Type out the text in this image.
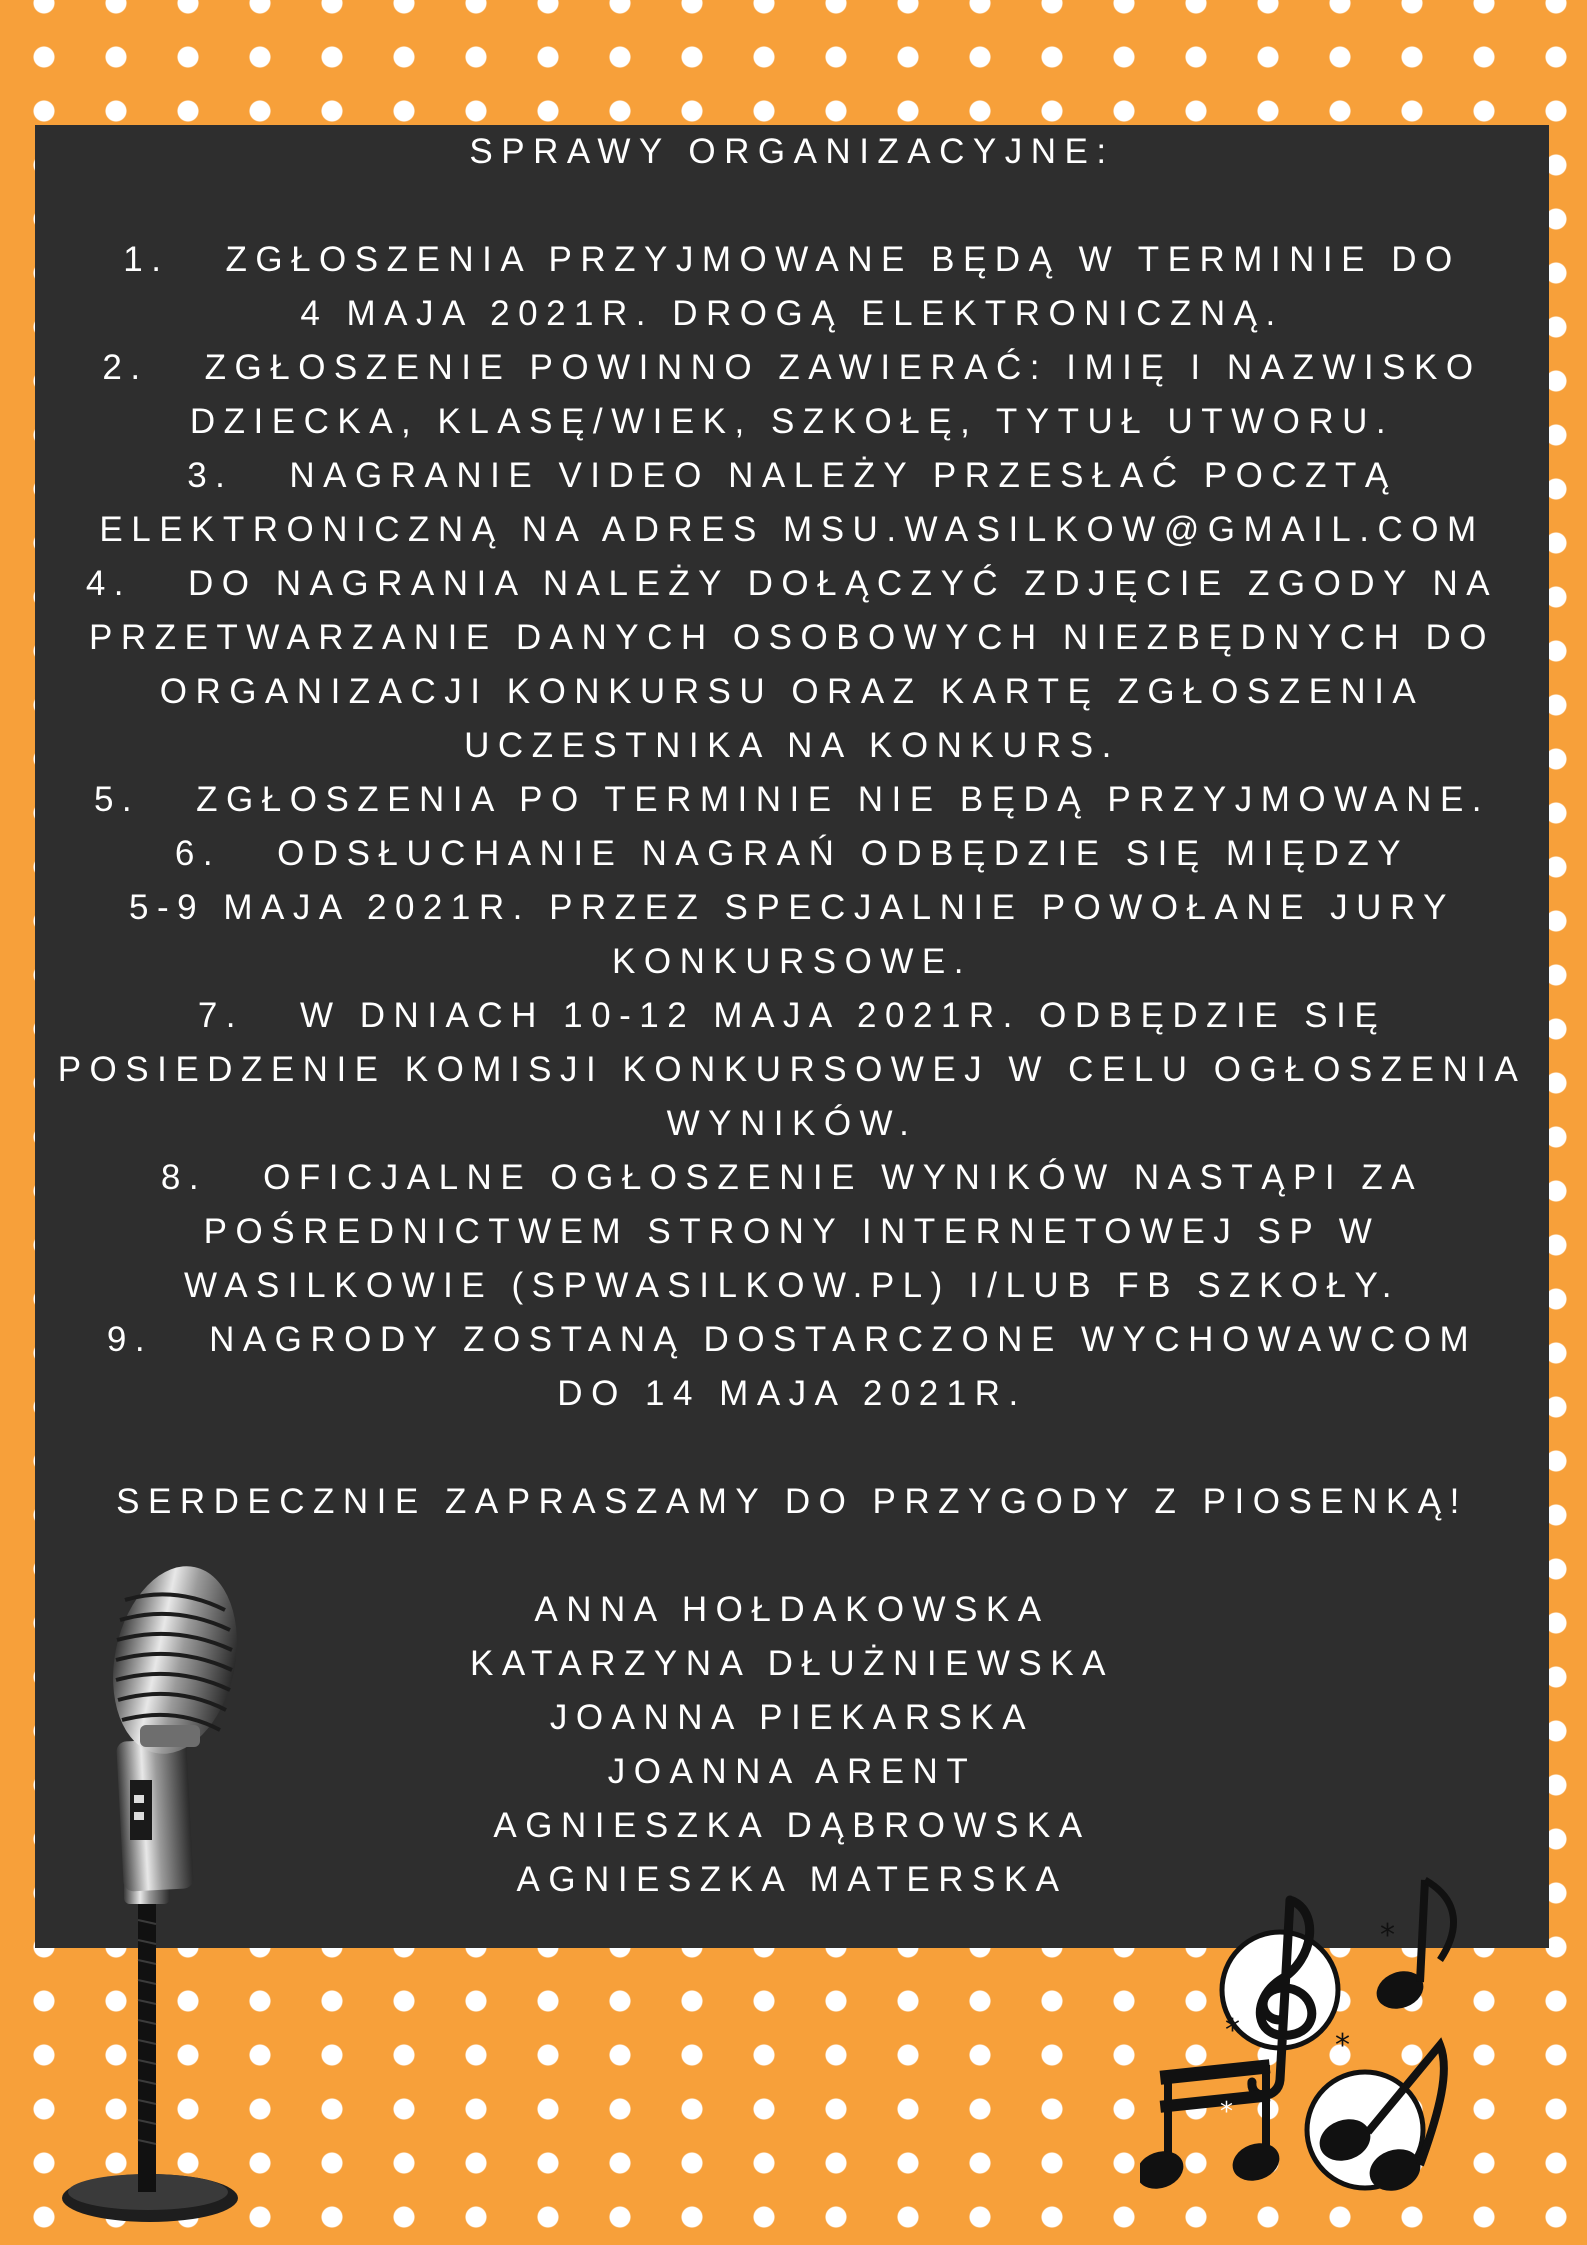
SPRAWY ORGANIZACYJNE:
1. ZGŁOSZENIA PRZYJMOWANE BĘDĄ W TERMINIE DO
4 MAJA 2021R. DROGĄ ELEKTRONICZNĄ.
2. ZGŁOSZENIE POWINNO ZAWIERAĆ: IMIĘ I NAZWISKO
DZIECKA, KLASĘ/WIEK, SZKOŁĘ, TYTUŁ UTWORU.
3. NAGRANIE VIDEO NALEŻY PRZESŁAĆ POCZTĄ
ELEKTRONICZNĄ NA ADRES MSU.WASILKOW@GMAIL.COM
4. DO NAGRANIA NALEŻY DOŁĄCZYĆ ZDJĘCIE ZGODY NA
PRZETWARZANIE DANYCH OSOBOWYCH NIEZBĘDNYCH DO
ORGANIZACJI KONKURSU ORAZ KARTĘ ZGŁOSZENIA
UCZESTNIKA NA KONKURS.
5. ZGŁOSZENIA PO TERMINIE NIE BĘDĄ PRZYJMOWANE.
6. ODSŁUCHANIE NAGRAŃ ODBĘDZIE SIĘ MIĘDZY
5-9 MAJA 2021R. PRZEZ SPECJALNIE POWOŁANE JURY
KONKURSOWE.
7. W DNIACH 10-12 MAJA 2021R. ODBĘDZIE SIĘ
POSIEDZENIE KOMISJI KONKURSOWEJ W CELU OGŁOSZENIA
WYNIKÓW.
8. OFICJALNE OGŁOSZENIE WYNIKÓW NASTĄPI ZA
POŚREDNICTWEM STRONY INTERNETOWEJ SP W
WASILKOWIE (SPWASILKOW.PL) I/LUB FB SZKOŁY.
9. NAGRODY ZOSTANĄ DOSTARCZONE WYCHOWAWCOM
DO 14 MAJA 2021R.
SERDECZNIE ZAPRASZAMY DO PRZYGODY Z PIOSENKĄ!
ANNA HOŁDAKOWSKA
KATARZYNA DŁUŻNIEWSKA
JOANNA PIEKARSKA
JOANNA ARENT
AGNIESZKA DĄBROWSKA
AGNIESZKA MATERSKA
*	*
*
*
